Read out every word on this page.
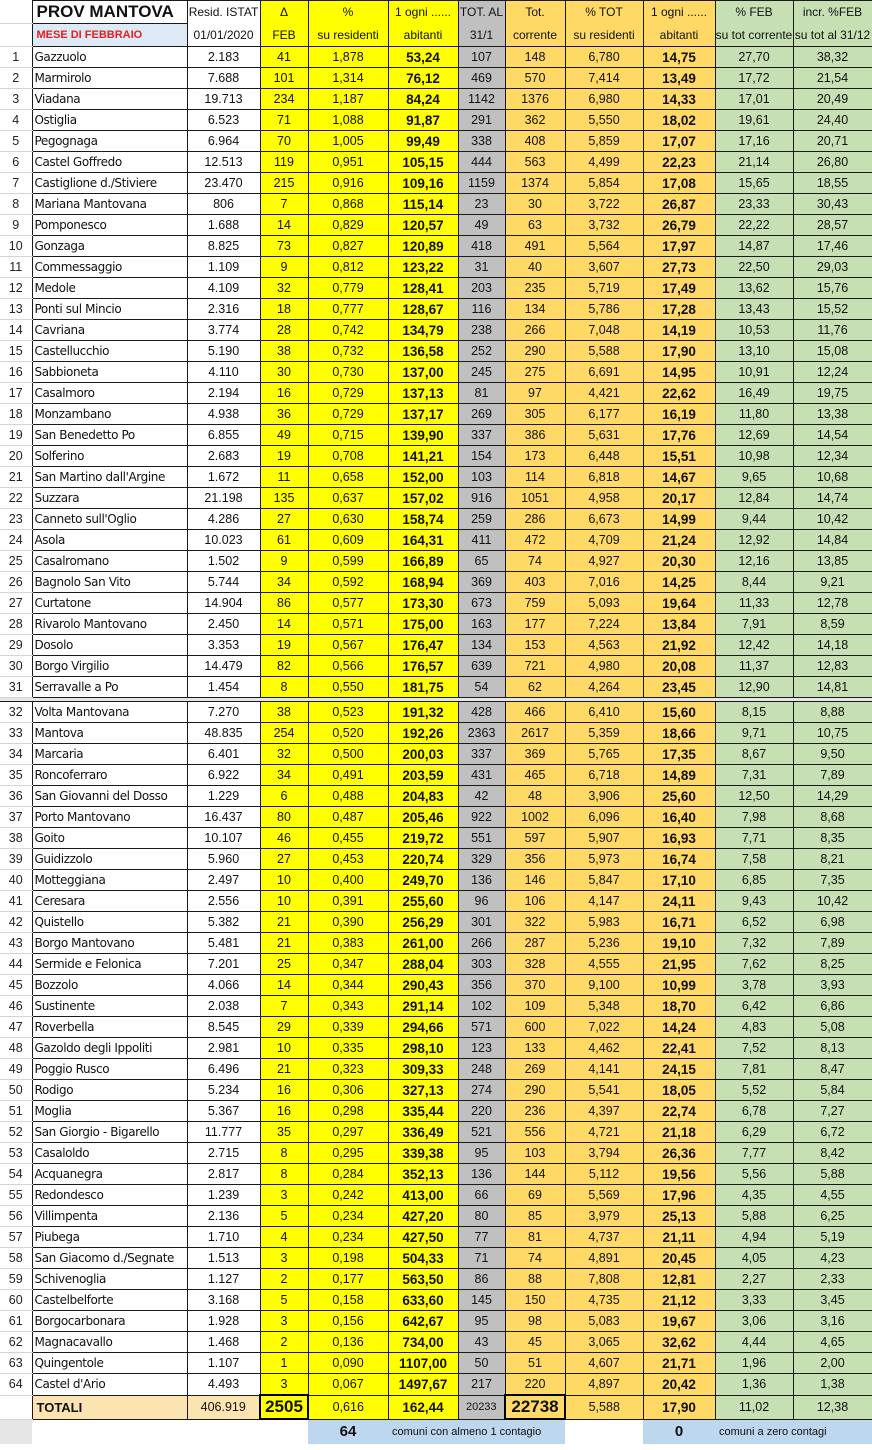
	PROV MANTOVA	Resid. ISTAT	Δ	%	1 ogni ......	TOT. AL	Tot.	% TOT	1 ogni ......	% FEB	incr. %FEB
	MESE DI FEBBRAIO	01/01/2020	FEB	su residenti	abitanti	31/1	corrente	su residenti	abitanti	su tot corrente	su tot al 31/12
1	Gazzuolo	2.183	41	1,878	53,24	107	148	6,780	14,75	27,70	38,32
2	Marmirolo	7.688	101	1,314	76,12	469	570	7,414	13,49	17,72	21,54
3	Viadana	19.713	234	1,187	84,24	1142	1376	6,980	14,33	17,01	20,49
4	Ostiglia	6.523	71	1,088	91,87	291	362	5,550	18,02	19,61	24,40
5	Pegognaga	6.964	70	1,005	99,49	338	408	5,859	17,07	17,16	20,71
6	Castel Goffredo	12.513	119	0,951	105,15	444	563	4,499	22,23	21,14	26,80
7	Castiglione d./Stiviere	23.470	215	0,916	109,16	1159	1374	5,854	17,08	15,65	18,55
8	Mariana Mantovana	806	7	0,868	115,14	23	30	3,722	26,87	23,33	30,43
9	Pomponesco	1.688	14	0,829	120,57	49	63	3,732	26,79	22,22	28,57
10	Gonzaga	8.825	73	0,827	120,89	418	491	5,564	17,97	14,87	17,46
11	Commessaggio	1.109	9	0,812	123,22	31	40	3,607	27,73	22,50	29,03
12	Medole	4.109	32	0,779	128,41	203	235	5,719	17,49	13,62	15,76
13	Ponti sul Mincio	2.316	18	0,777	128,67	116	134	5,786	17,28	13,43	15,52
14	Cavriana	3.774	28	0,742	134,79	238	266	7,048	14,19	10,53	11,76
15	Castellucchio	5.190	38	0,732	136,58	252	290	5,588	17,90	13,10	15,08
16	Sabbioneta	4.110	30	0,730	137,00	245	275	6,691	14,95	10,91	12,24
17	Casalmoro	2.194	16	0,729	137,13	81	97	4,421	22,62	16,49	19,75
18	Monzambano	4.938	36	0,729	137,17	269	305	6,177	16,19	11,80	13,38
19	San Benedetto Po	6.855	49	0,715	139,90	337	386	5,631	17,76	12,69	14,54
20	Solferino	2.683	19	0,708	141,21	154	173	6,448	15,51	10,98	12,34
21	San Martino dall'Argine	1.672	11	0,658	152,00	103	114	6,818	14,67	9,65	10,68
22	Suzzara	21.198	135	0,637	157,02	916	1051	4,958	20,17	12,84	14,74
23	Canneto sull'Oglio	4.286	27	0,630	158,74	259	286	6,673	14,99	9,44	10,42
24	Asola	10.023	61	0,609	164,31	411	472	4,709	21,24	12,92	14,84
25	Casalromano	1.502	9	0,599	166,89	65	74	4,927	20,30	12,16	13,85
26	Bagnolo San Vito	5.744	34	0,592	168,94	369	403	7,016	14,25	8,44	9,21
27	Curtatone	14.904	86	0,577	173,30	673	759	5,093	19,64	11,33	12,78
28	Rivarolo Mantovano	2.450	14	0,571	175,00	163	177	7,224	13,84	7,91	8,59
29	Dosolo	3.353	19	0,567	176,47	134	153	4,563	21,92	12,42	14,18
30	Borgo Virgilio	14.479	82	0,566	176,57	639	721	4,980	20,08	11,37	12,83
31	Serravalle a Po	1.454	8	0,550	181,75	54	62	4,264	23,45	12,90	14,81

32	Volta Mantovana	7.270	38	0,523	191,32	428	466	6,410	15,60	8,15	8,88
33	Mantova	48.835	254	0,520	192,26	2363	2617	5,359	18,66	9,71	10,75
34	Marcaria	6.401	32	0,500	200,03	337	369	5,765	17,35	8,67	9,50
35	Roncoferraro	6.922	34	0,491	203,59	431	465	6,718	14,89	7,31	7,89
36	San Giovanni del Dosso	1.229	6	0,488	204,83	42	48	3,906	25,60	12,50	14,29
37	Porto Mantovano	16.437	80	0,487	205,46	922	1002	6,096	16,40	7,98	8,68
38	Goito	10.107	46	0,455	219,72	551	597	5,907	16,93	7,71	8,35
39	Guidizzolo	5.960	27	0,453	220,74	329	356	5,973	16,74	7,58	8,21
40	Motteggiana	2.497	10	0,400	249,70	136	146	5,847	17,10	6,85	7,35
41	Ceresara	2.556	10	0,391	255,60	96	106	4,147	24,11	9,43	10,42
42	Quistello	5.382	21	0,390	256,29	301	322	5,983	16,71	6,52	6,98
43	Borgo Mantovano	5.481	21	0,383	261,00	266	287	5,236	19,10	7,32	7,89
44	Sermide e Felonica	7.201	25	0,347	288,04	303	328	4,555	21,95	7,62	8,25
45	Bozzolo	4.066	14	0,344	290,43	356	370	9,100	10,99	3,78	3,93
46	Sustinente	2.038	7	0,343	291,14	102	109	5,348	18,70	6,42	6,86
47	Roverbella	8.545	29	0,339	294,66	571	600	7,022	14,24	4,83	5,08
48	Gazoldo degli Ippoliti	2.981	10	0,335	298,10	123	133	4,462	22,41	7,52	8,13
49	Poggio Rusco	6.496	21	0,323	309,33	248	269	4,141	24,15	7,81	8,47
50	Rodigo	5.234	16	0,306	327,13	274	290	5,541	18,05	5,52	5,84
51	Moglia	5.367	16	0,298	335,44	220	236	4,397	22,74	6,78	7,27
52	San Giorgio - Bigarello	11.777	35	0,297	336,49	521	556	4,721	21,18	6,29	6,72
53	Casaloldo	2.715	8	0,295	339,38	95	103	3,794	26,36	7,77	8,42
54	Acquanegra	2.817	8	0,284	352,13	136	144	5,112	19,56	5,56	5,88
55	Redondesco	1.239	3	0,242	413,00	66	69	5,569	17,96	4,35	4,55
56	Villimpenta	2.136	5	0,234	427,20	80	85	3,979	25,13	5,88	6,25
57	Piubega	1.710	4	0,234	427,50	77	81	4,737	21,11	4,94	5,19
58	San Giacomo d./Segnate	1.513	3	0,198	504,33	71	74	4,891	20,45	4,05	4,23
59	Schivenoglia	1.127	2	0,177	563,50	86	88	7,808	12,81	2,27	2,33
60	Castelbelforte	3.168	5	0,158	633,60	145	150	4,735	21,12	3,33	3,45
61	Borgocarbonara	1.928	3	0,156	642,67	95	98	5,083	19,67	3,06	3,16
62	Magnacavallo	1.468	2	0,136	734,00	43	45	3,065	32,62	4,44	4,65
63	Quingentole	1.107	1	0,090	1107,00	50	51	4,607	21,71	1,96	2,00
64	Castel d'Ario	4.493	3	0,067	1497,67	217	220	4,897	20,42	1,36	1,38
	TOTALI	406.919	2505	0,616	162,44	20233	22738	5,588	17,90	11,02	12,38
				64	comuni con almeno 1 contagio				0	comuni a zero contagi	
